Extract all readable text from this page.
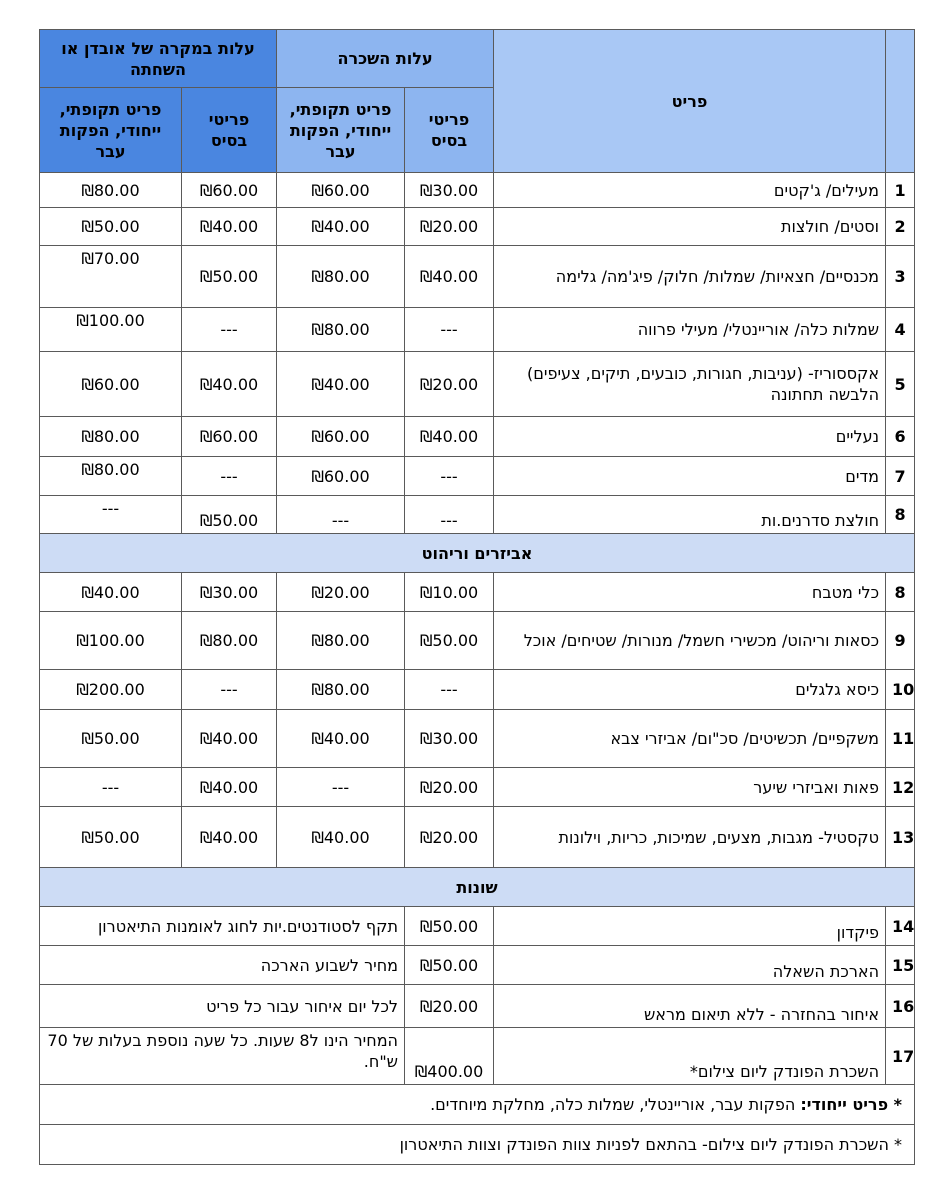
עלות במקרה של אובדן או השחתה		עלות השכרה		פריט	
פריט תקופתי, ייחודי, הפקות עבר	פריטי בסיס	פריט תקופתי, ייחודי, הפקות עבר	פריטי בסיס		
₪80.00	₪60.00	₪60.00	₪30.00	מעילים/ ג'קטים	1
₪50.00	₪40.00	₪40.00	₪20.00	וסטים/ חולצות	2
₪70.00	₪50.00	₪80.00	₪40.00	מכנסיים/ חצאיות/ שמלות/ חלוק/ פיג'מה/ גלימה	3
₪100.00	---	₪80.00	---	שמלות כלה/ אוריינטלי/ מעילי פרווה	4
₪60.00	₪40.00	₪40.00	₪20.00	אקססוריז- (עניבות, חגורות, כובעים, תיקים, צעיפים) הלבשה תחתונה	5
₪80.00	₪60.00	₪60.00	₪40.00	נעליים	6
₪80.00	---	₪60.00	---	מדים	7
---	₪50.00	---	---	חולצת סדרנים.ות	8
אביזרים וריהוט					
₪40.00	₪30.00	₪20.00	₪10.00	כלי מטבח	8
₪100.00	₪80.00	₪80.00	₪50.00	כסאות וריהוט/ מכשירי חשמל/ מנורות/ שטיחים/ אוכל	9
₪200.00	---	₪80.00	---	כיסא גלגלים	10
₪50.00	₪40.00	₪40.00	₪30.00	משקפיים/ תכשיטים/ סכ"ום/ אביזרי צבא	11
---	₪40.00	---	₪20.00	פאות ואביזרי שיער	12
₪50.00	₪40.00	₪40.00	₪20.00	טקסטיל- מגבות, מצעים, שמיכות, כריות, וילונות	13
שונות					
תקף לסטודנטים.יות לחוג לאומנות התיאטרון			₪50.00	פיקדון	14
מחיר לשבוע הארכה			₪50.00	הארכת השאלה	15
לכל יום איחור עבור כל פריט			₪20.00	איחור בהחזרה - ללא תיאום מראש	16
המחיר הינו ל8 שעות. כל שעה נוספת בעלות של 70 ש"ח.			₪400.00	השכרת הפונדק ליום צילום*	17
* פריט ייחודי: הפקות עבר, אוריינטלי, שמלות כלה, מחלקת מיוחדים.					
* השכרת הפונדק ליום צילום- בהתאם לפניות צוות הפונדק וצוות התיאטרון					
